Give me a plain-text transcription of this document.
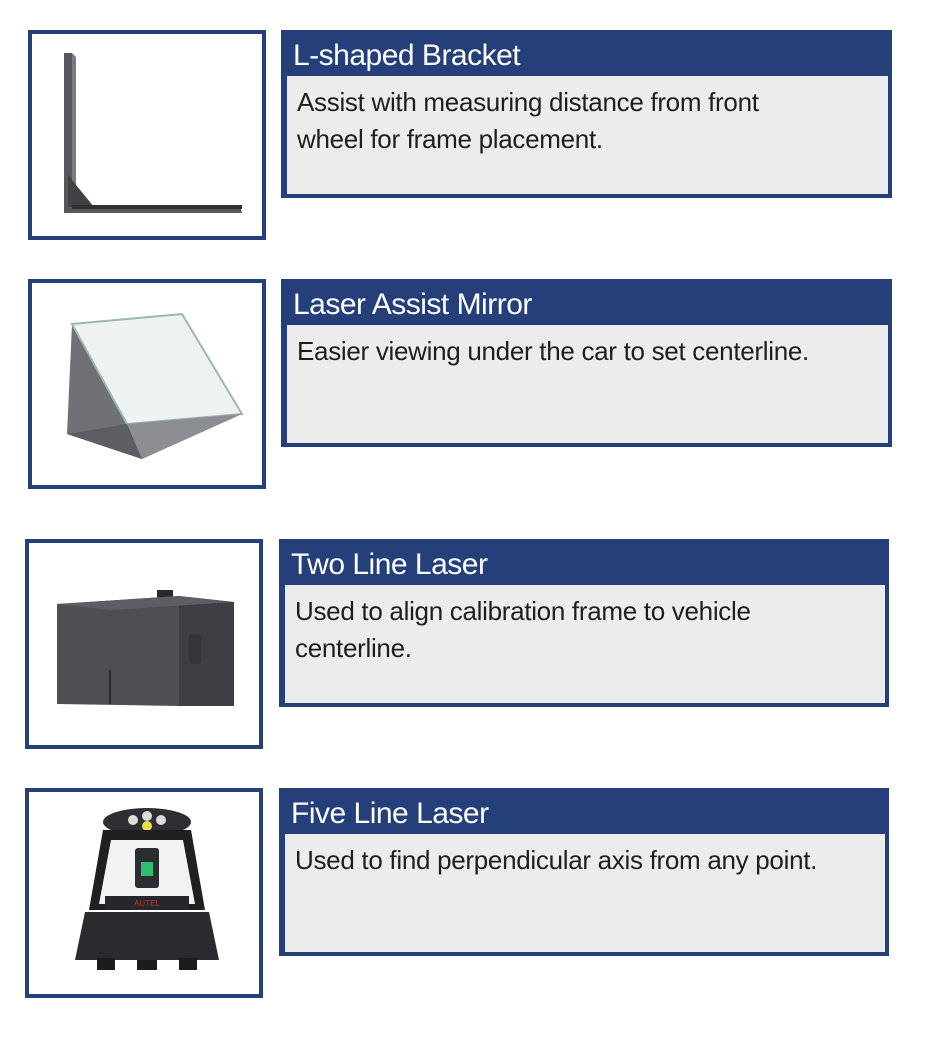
L-shaped Bracket
Assist with measuring distance from front wheel for frame placement.
Laser Assist Mirror
Easier viewing under the car to set centerline.
Two Line Laser
Used to align calibration frame to vehicle centerline.
AUTEL
Five Line Laser
Used to find perpendicular axis from any point.
